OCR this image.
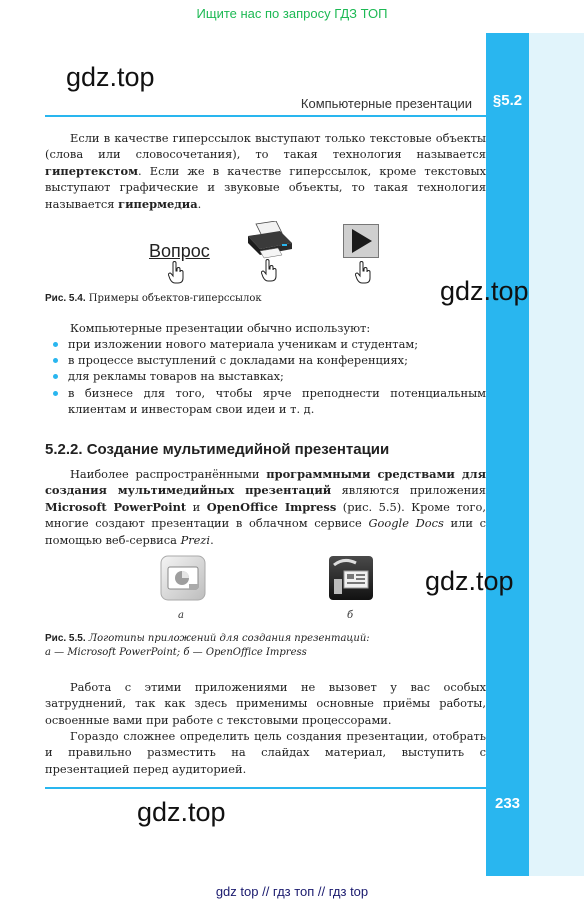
Ищите нас по запросу ГДЗ ТОП
§5.2
233
gdz.top
Компьютерные презентации

Если в качестве гиперссылок выступают только текстовые объекты (слова или словосочетания), то такая технология называется гипертекстом. Если же в качестве гиперссылок, кроме текстовых выступают графические и звуковые объекты, то такая технология называется гипермедиа.

Вопрос
Рис. 5.4. Примеры объектов-гиперссылок	gdz.top

Компьютерные презентации обычно используют:

при изложении нового материала ученикам и студентам;
в процессе выступлений с докладами на конференциях;
для рекламы товаров на выставках;
в бизнесе для того, чтобы ярче преподнести потенциальным клиентам и инвесторам свои идеи и т. д.
5.2.2. Создание мультимедийной презентации

Наиболее распространёнными программными средствами для создания мультимедийных презентаций являются приложения Microsoft PowerPoint и OpenOffice Impress (рис. 5.5). Кроме того, многие создают презентации в облачном сервисе Google Docs или с помощью веб-сервиса Prezi.

а	б
gdz.top
Рис. 5.5. Логотипы приложений для создания презентаций:
а — Microsoft PowerPoint; б — OpenOffice Impress

Работа с этими приложениями не вызовет у вас особых затруднений, так как здесь применимы основные приёмы работы, освоенные вами при работе с текстовыми процессорами.

Гораздо сложнее определить цель создания презентации, отобрать и правильно разместить на слайдах материал, выступить с презентацией перед аудиторией.

gdz.top
gdz top // гдз топ // гдз top
